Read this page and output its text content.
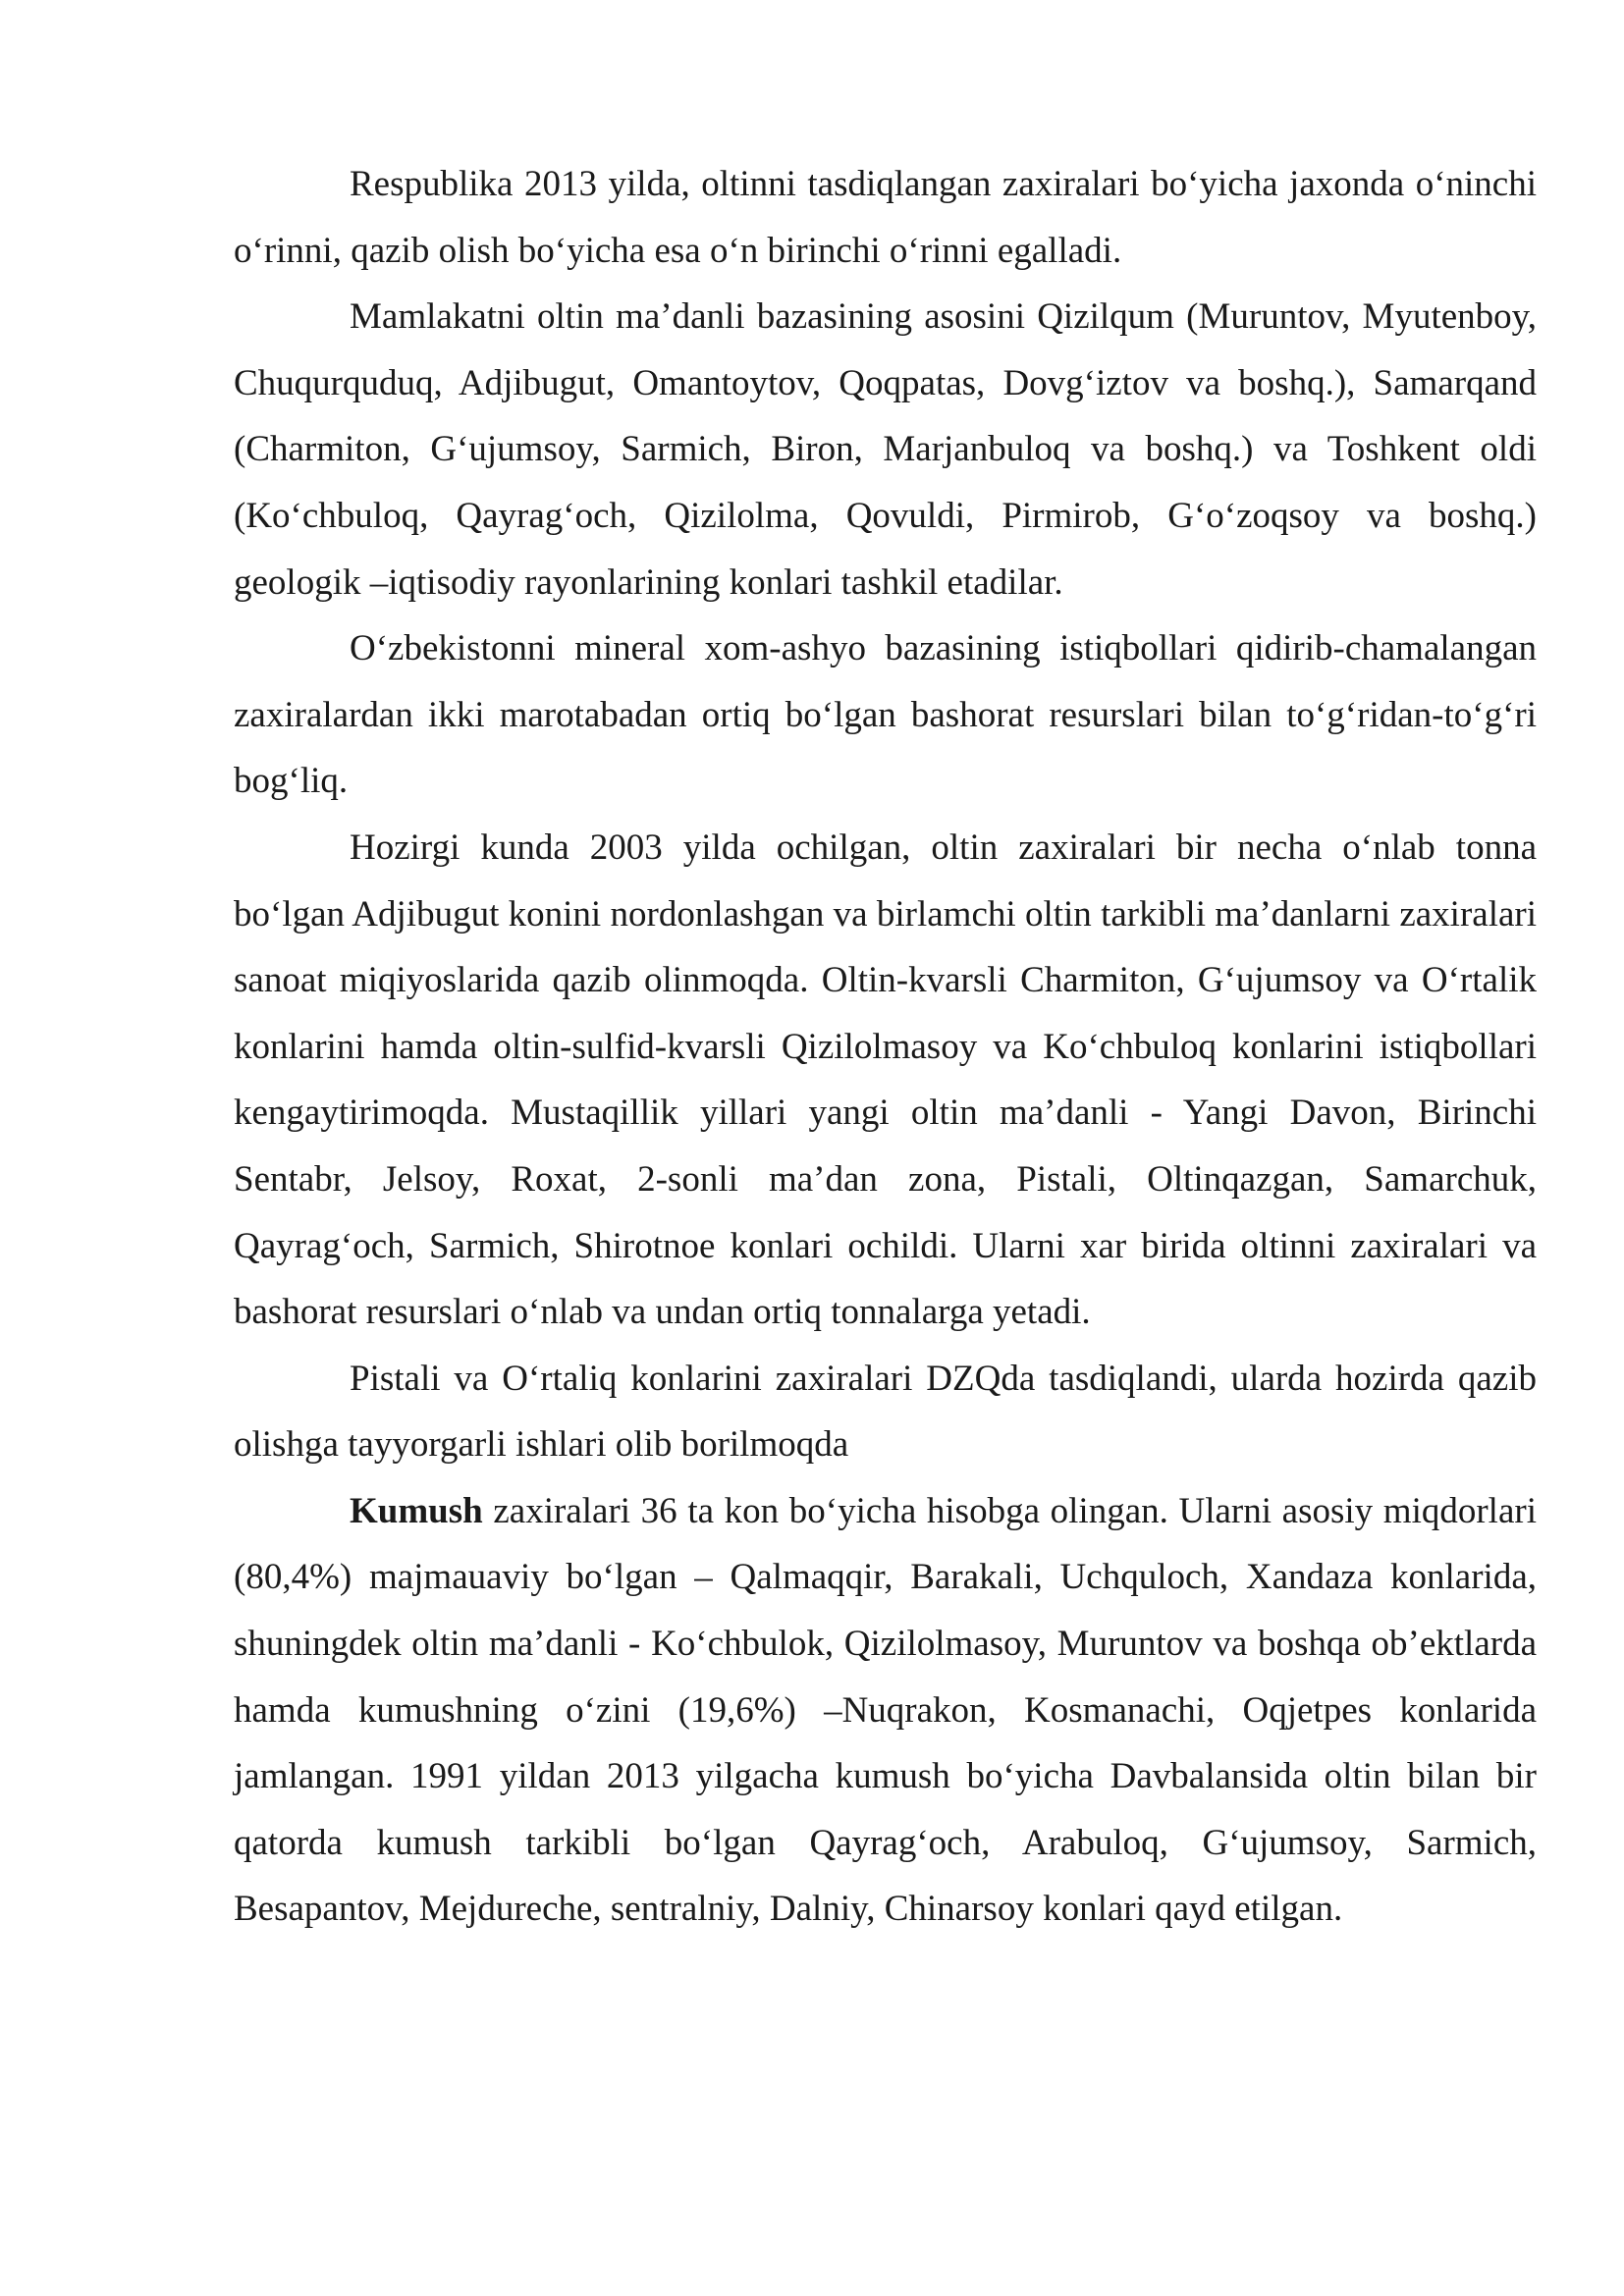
Respublika 2013 yilda, oltinni tasdiqlangan zaxiralari bo‘yicha jaxonda o‘ninchi o‘rinni, qazib olish bo‘yicha esa o‘n birinchi o‘rinni egalladi.

Mamlakatni oltin ma’danli bazasining asosini Qizilqum (Muruntov, Myutenboy, Chuqurquduq, Adjibugut, Omantoytov, Qoqpatas, Dovg‘iztov va boshq.), Samarqand (Charmiton, G‘ujumsoy, Sarmich, Biron, Marjanbuloq va boshq.) va Toshkent oldi (Ko‘chbuloq, Qayrag‘och, Qizilolma, Qovuldi, Pirmirob, G‘o‘zoqsoy va boshq.) geologik –iqtisodiy rayonlarining konlari tashkil etadilar.

O‘zbekistonni mineral xom-ashyo bazasining istiqbollari qidirib-chamalangan zaxiralardan ikki marotabadan ortiq bo‘lgan bashorat resurslari bilan to‘g‘ridan-to‘g‘ri bog‘liq.

Hozirgi kunda 2003 yilda ochilgan, oltin zaxiralari bir necha o‘nlab tonna bo‘lgan Adjibugut konini nordonlashgan va birlamchi oltin tarkibli ma’danlarni zaxiralari sanoat miqiyoslarida qazib olinmoqda. Oltin-kvarsli Charmiton, G‘ujumsoy va O‘rtalik konlarini hamda oltin-sulfid-kvarsli Qizilolmasoy va Ko‘chbuloq konlarini istiqbollari kengaytirimoqda. Mustaqillik yillari yangi oltin ma’danli - Yangi Davon, Birinchi Sentabr, Jelsoy, Roxat, 2-sonli ma’dan zona, Pistali, Oltinqazgan, Samarchuk, Qayrag‘och, Sarmich, Shirotnoe konlari ochildi. Ularni xar birida oltinni zaxiralari va bashorat resurslari o‘nlab va undan ortiq tonnalarga yetadi.

Pistali va O‘rtaliq konlarini zaxiralari DZQda tasdiqlandi, ularda hozirda qazib olishga tayyorgarli ishlari olib borilmoqda

Kumush zaxiralari 36 ta kon bo‘yicha hisobga olingan. Ularni asosiy miqdorlari (80,4%) majmauaviy bo‘lgan – Qalmaqqir, Barakali, Uchquloch, Xandaza konlarida, shuningdek oltin ma’danli - Ko‘chbulok, Qizilolmasoy, Muruntov va boshqa ob’ektlarda hamda kumushning o‘zini (19,6%) –Nuqrakon, Kosmanachi, Oqjetpes konlarida jamlangan. 1991 yildan 2013 yilgacha kumush bo‘yicha Davbalansida oltin bilan bir qatorda kumush tarkibli bo‘lgan Qayrag‘och, Arabuloq, G‘ujumsoy, Sarmich, Besapantov, Mejdureche, sentralniy, Dalniy, Chinarsoy konlari qayd etilgan.
